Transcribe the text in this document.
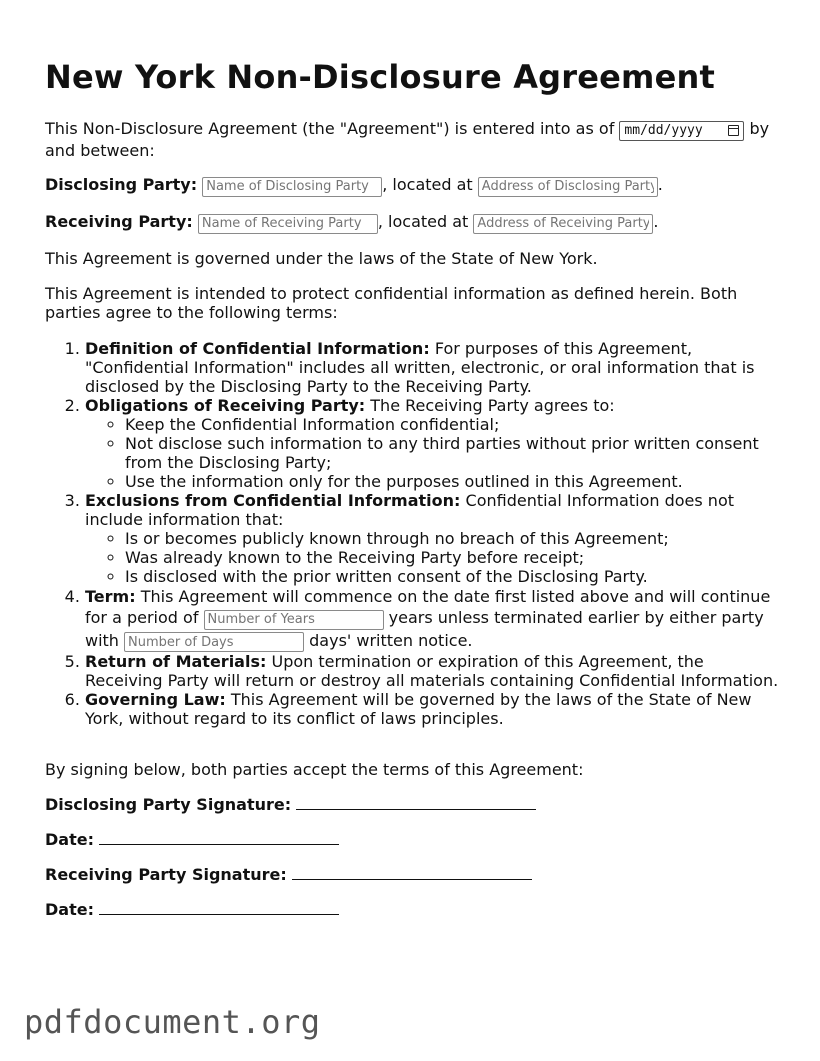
New York Non-Disclosure Agreement
This Non-Disclosure Agreement (the "Agreement") is entered into as of mm/dd/yyyy	by and between:
Disclosing Party: Name of Disclosing Party	, located at Address of Disclosing Party	.
Receiving Party: Name of Receiving Party	, located at Address of Receiving Party	.
This Agreement is governed under the laws of the State of New York.
This Agreement is intended to protect confidential information as defined herein. Both parties agree to the following terms:
1. Definition of Confidential Information: For purposes of this Agreement, "Confidential Information" includes all written, electronic, or oral information that is disclosed by the Disclosing Party to the Receiving Party.
2. Obligations of Receiving Party: The Receiving Party agrees to:
◦ Keep the Confidential Information confidential;
◦ Not disclose such information to any third parties without prior written consent from the Disclosing Party;
◦ Use the information only for the purposes outlined in this Agreement.
3. Exclusions from Confidential Information: Confidential Information does not include information that:
◦ Is or becomes publicly known through no breach of this Agreement;
◦ Was already known to the Receiving Party before receipt;
◦ Is disclosed with the prior written consent of the Disclosing Party.
4. Term: This Agreement will commence on the date first listed above and will continue for a period of Number of Years	years unless terminated earlier by either party with Number of Days	days' written notice.
5. Return of Materials: Upon termination or expiration of this Agreement, the Receiving Party will return or destroy all materials containing Confidential Information.
6. Governing Law: This Agreement will be governed by the laws of the State of New York, without regard to its conflict of laws principles.
By signing below, both parties accept the terms of this Agreement:
Disclosing Party Signature:
Date:
Receiving Party Signature:
Date:
pdfdocument.org
